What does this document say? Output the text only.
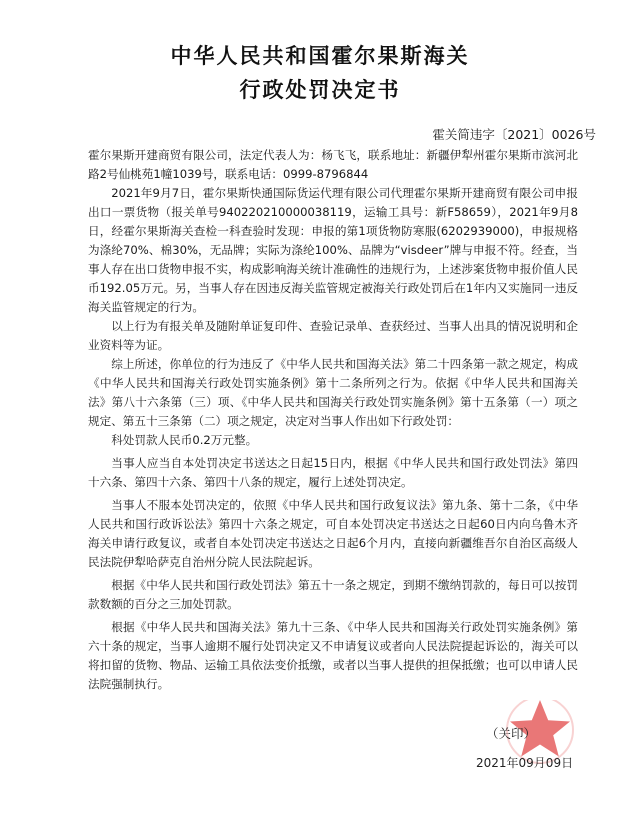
中华人民共和国霍尔果斯海关
行政处罚决定书
霍关简违字〔2021〕0026号

霍尔果斯开建商贸有限公司，法定代表人为：杨飞飞，联系地址：新疆伊犁州霍尔果斯市滨河北路2号仙桃苑1幢1039号，联系电话：0999-8796844

2021年9月7日，霍尔果斯快通国际货运代理有限公司代理霍尔果斯开建商贸有限公司申报出口一票货物（报关单号940220210000038119，运输工具号：新F58659），2021年9月8日，经霍尔果斯海关查检一科查验时发现：申报的第1项货物防寒服(6202939000)，申报规格为涤纶70%、棉30%，无品牌；实际为涤纶100%、品牌为“visdeer”牌与申报不符。经查，当事人存在出口货物申报不实，构成影响海关统计准确性的违规行为，上述涉案货物申报价值人民币192.05万元。另，当事人存在因违反海关监管规定被海关行政处罚后在1年内又实施同一违反海关监管规定的行为。

以上行为有报关单及随附单证复印件、查验记录单、查获经过、当事人出具的情况说明和企业资料等为证。

综上所述，你单位的行为违反了《中华人民共和国海关法》第二十四条第一款之规定，构成《中华人民共和国海关行政处罚实施条例》第十二条所列之行为。依据《中华人民共和国海关法》第八十六条第（三）项、《中华人民共和国海关行政处罚实施条例》第十五条第（一）项之规定、第五十三条第（二）项之规定，决定对当事人作出如下行政处罚：

科处罚款人民币0.2万元整。

当事人应当自本处罚决定书送达之日起15日内，根据《中华人民共和国行政处罚法》第四十六条、第四十六条、第四十八条的规定，履行上述处罚决定。

当事人不服本处罚决定的，依照《中华人民共和国行政复议法》第九条、第十二条，《中华人民共和国行政诉讼法》第四十六条之规定，可自本处罚决定书送达之日起60日内向乌鲁木齐海关申请行政复议，或者自本处罚决定书送达之日起6个月内，直接向新疆维吾尔自治区高级人民法院伊犁哈萨克自治州分院人民法院起诉。

根据《中华人民共和国行政处罚法》第五十一条之规定，到期不缴纳罚款的，每日可以按罚款数额的百分之三加处罚款。

根据《中华人民共和国海关法》第九十三条、《中华人民共和国海关行政处罚实施条例》第六十条的规定，当事人逾期不履行处罚决定又不申请复议或者向人民法院提起诉讼的，海关可以将扣留的货物、物品、运输工具依法变价抵缴，或者以当事人提供的担保抵缴；也可以申请人民法院强制执行。

（关印）
2021年09月09日
